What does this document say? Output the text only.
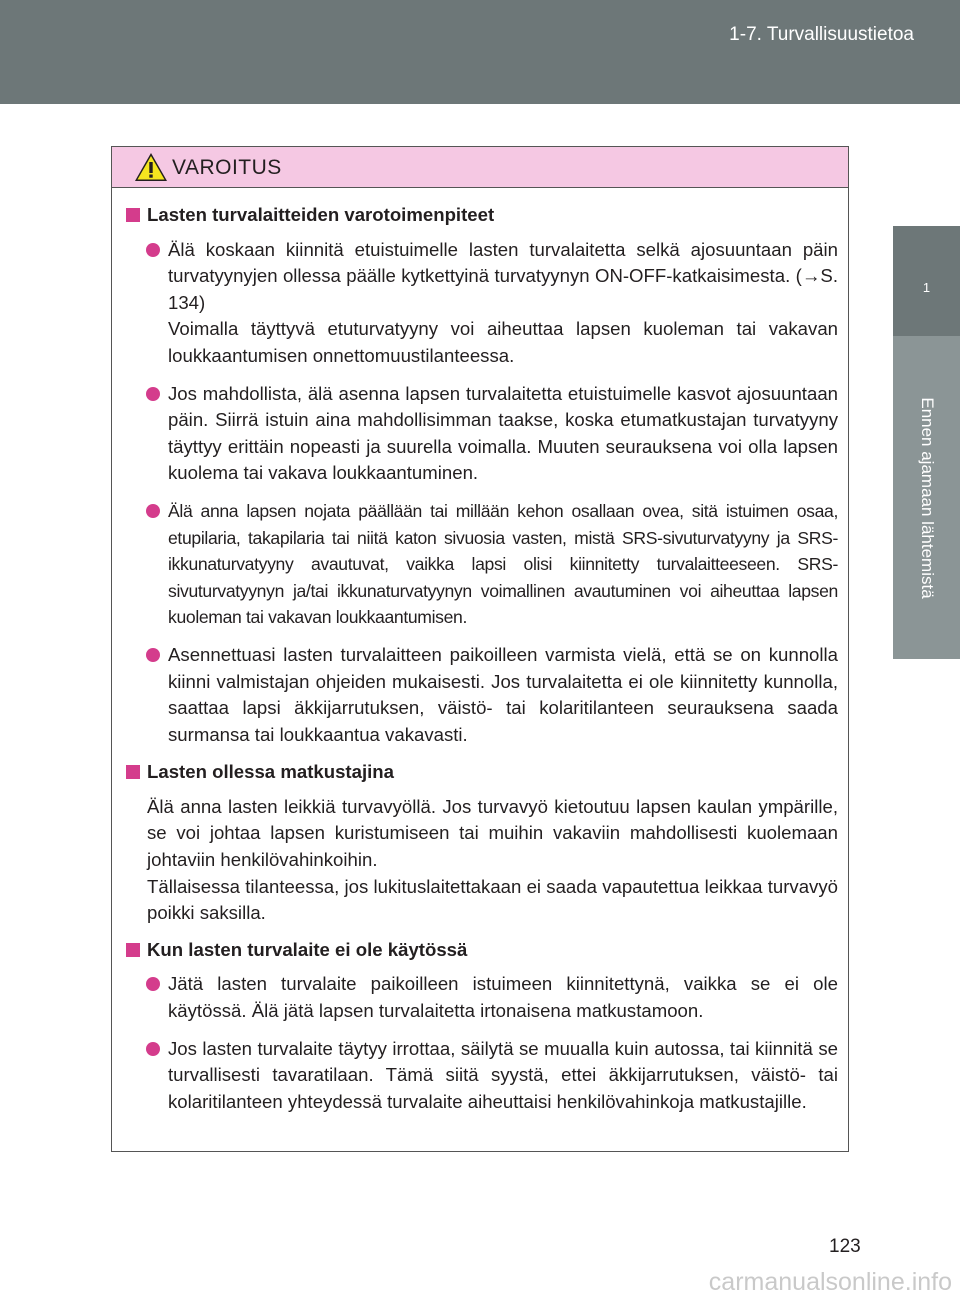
1-7. Turvallisuustietoa
1
Ennen ajamaan lähtemistä
VAROITUS
Lasten turvalaitteiden varotoimenpiteet

Älä koskaan kiinnitä etuistuimelle lasten turvalaitetta selkä ajosuuntaan päin turvatyynyjen ollessa päälle kytkettyinä turvatyynyn ON-OFF-katkaisimesta. (→S. 134)

Voimalla täyttyvä etuturvatyyny voi aiheuttaa lapsen kuoleman tai vakavan loukkaantumisen onnettomuustilanteessa.

Jos mahdollista, älä asenna lapsen turvalaitetta etuistuimelle kasvot ajosuuntaan päin. Siirrä istuin aina mahdollisimman taakse, koska etumatkustajan turvatyyny täyttyy erittäin nopeasti ja suurella voimalla. Muuten seurauksena voi olla lapsen kuolema tai vakava loukkaantuminen.

Älä anna lapsen nojata päällään tai millään kehon osallaan ovea, sitä istuimen osaa, etupilaria, takapilaria tai niitä katon sivuosia vasten, mistä SRS-sivuturvatyyny ja SRS-ikkunaturvatyyny avautuvat, vaikka lapsi olisi kiinnitetty turvalaitteeseen. SRS-sivuturvatyynyn ja/tai ikkunaturvatyynyn voimallinen avautuminen voi aiheuttaa lapsen kuoleman tai vakavan loukkaantumisen.

Asennettuasi lasten turvalaitteen paikoilleen varmista vielä, että se on kunnolla kiinni valmistajan ohjeiden mukaisesti. Jos turvalaitetta ei ole kiinnitetty kunnolla, saattaa lapsi äkkijarrutuksen, väistö- tai kolaritilanteen seurauksena saada surmansa tai loukkaantua vakavasti.

Lasten ollessa matkustajina

Älä anna lasten leikkiä turvavyöllä. Jos turvavyö kietoutuu lapsen kaulan ympärille, se voi johtaa lapsen kuristumiseen tai muihin vakaviin mahdollisesti kuolemaan johtaviin henkilövahinkoihin.

Tällaisessa tilanteessa, jos lukituslaitettakaan ei saada vapautettua leikkaa turvavyö poikki saksilla.

Kun lasten turvalaite ei ole käytössä

Jätä lasten turvalaite paikoilleen istuimeen kiinnitettynä, vaikka se ei ole käytössä. Älä jätä lapsen turvalaitetta irtonaisena matkustamoon.

Jos lasten turvalaite täytyy irrottaa, säilytä se muualla kuin autossa, tai kiinnitä se turvallisesti tavaratilaan. Tämä siitä syystä, ettei äkkijarrutuksen, väistö- tai kolaritilanteen yhteydessä turvalaite aiheuttaisi henkilövahinkoja matkustajille.

123
carmanualsonline.info
